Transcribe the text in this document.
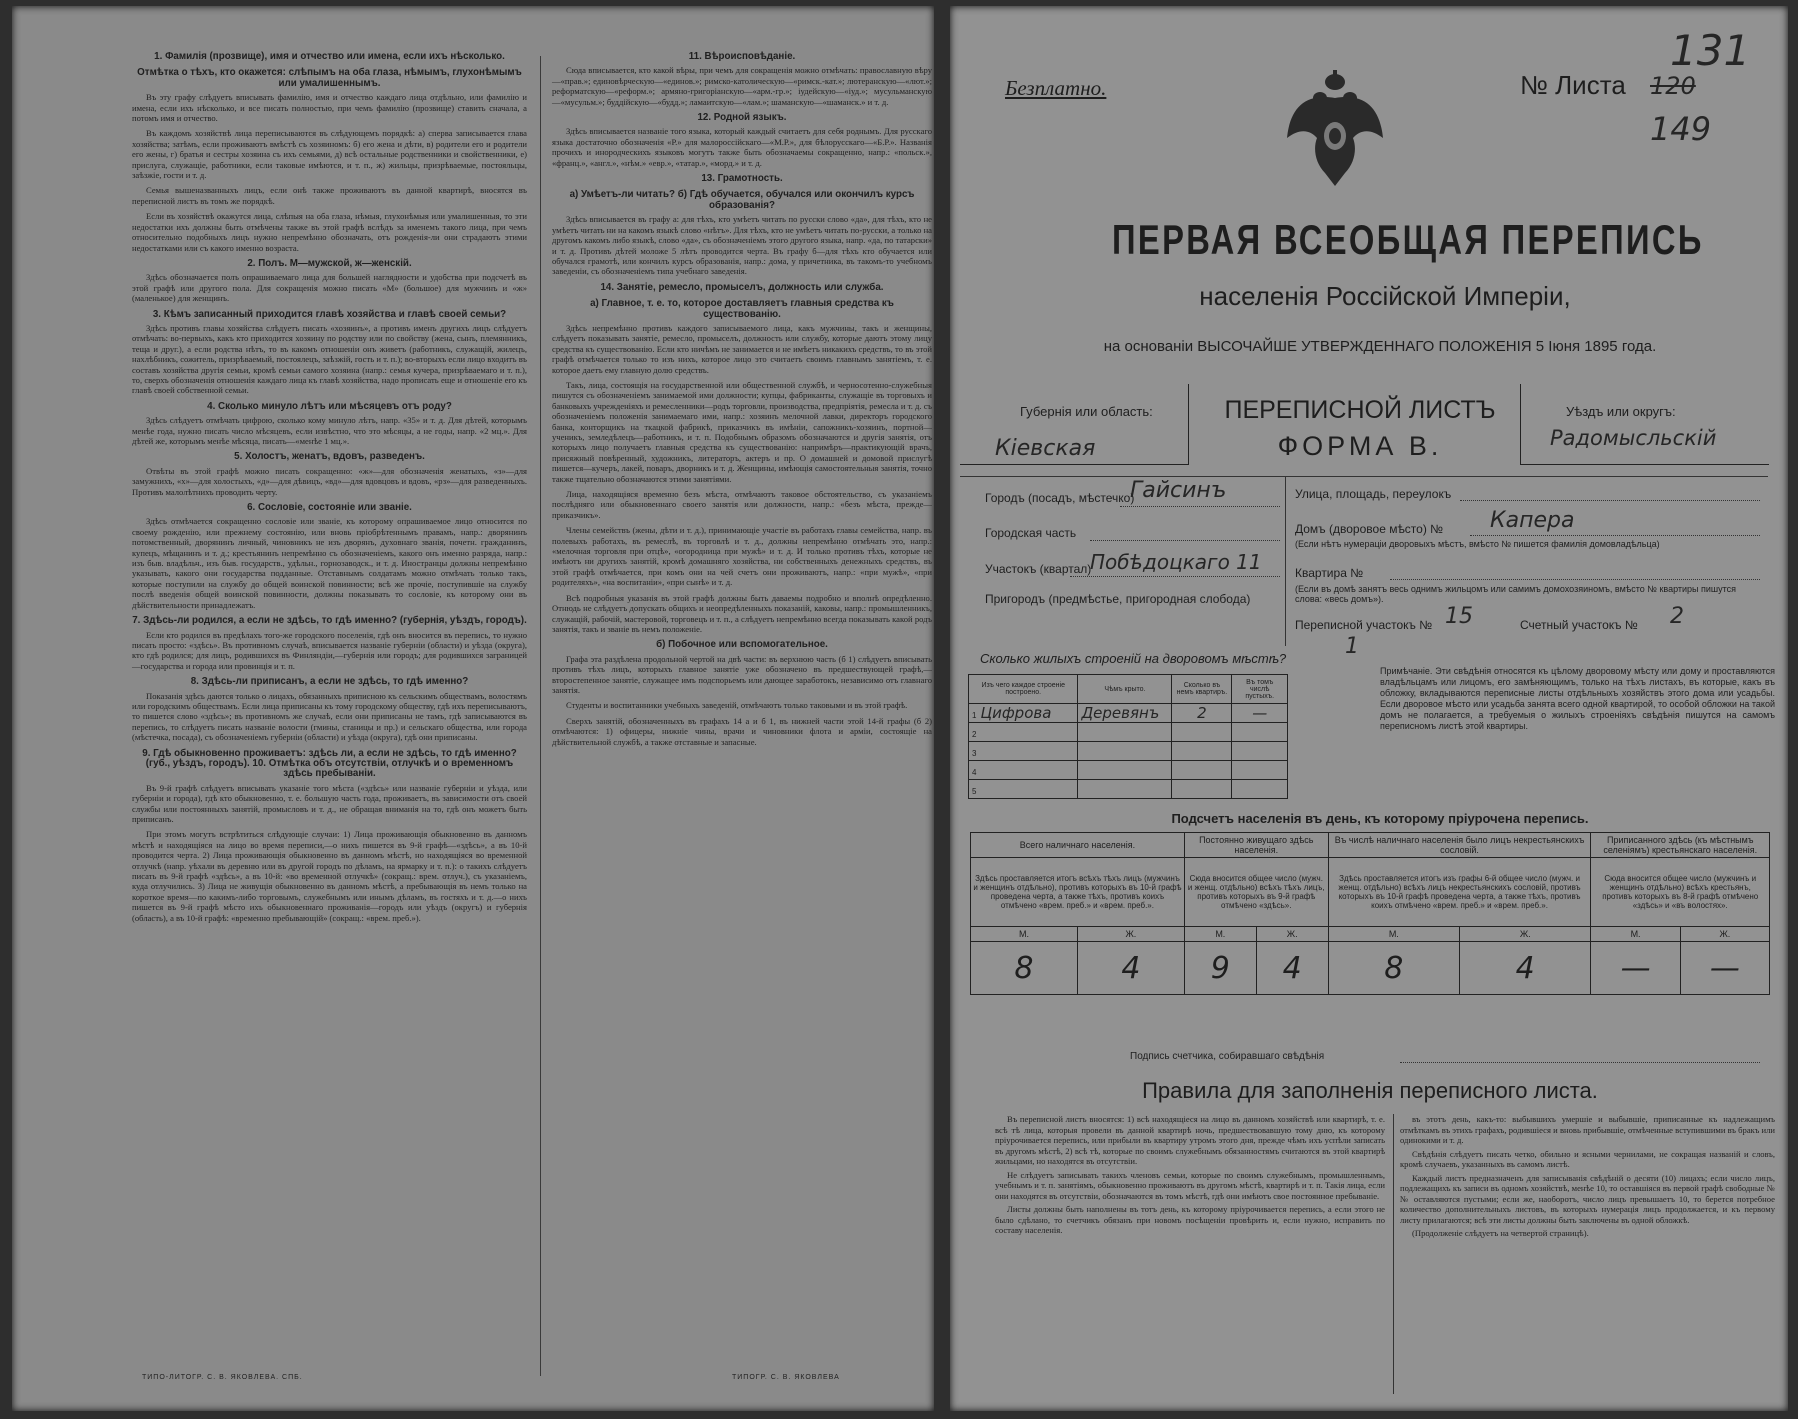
1. Фамилія (прозвище), имя и отчество или имена, если ихъ нѣсколько.
Отмѣтка о тѣхъ, кто окажется: слѣпымъ на оба глаза, нѣмымъ, глухонѣмымъ или умалишеннымъ.

Въ эту графу слѣдуетъ вписывать фамилію, имя и отчество каждаго лица отдѣльно, или фамилію и имена, если ихъ нѣсколько, и все писать полностью, при чемъ фамилію (прозвище) ставить сначала, а потомъ имя и отчество.

Въ каждомъ хозяйствѣ лица переписываются въ слѣдующемъ порядкѣ: а) сперва записывается глава хозяйства; затѣмъ, если проживаютъ вмѣстѣ съ хозяиномъ: б) его жена и дѣти, в) родители его и родители его жены, г) братья и сестры хозяина съ ихъ семьями, д) всѣ остальные родственники и свойственники, е) прислуга, служащіе, работники, если таковые имѣются, и т. п., ж) жильцы, призрѣваемые, постояльцы, заѣзжіе, гости и т. д.

Семья вышеназванныхъ лицъ, если онѣ также проживаютъ въ данной квартирѣ, вносятся въ переписной листъ въ томъ же порядкѣ.

Если въ хозяйствѣ окажутся лица, слѣпыя на оба глаза, нѣмыя, глухонѣмыя или умалишенныя, то эти недостатки ихъ должны быть отмѣчены также въ этой графѣ вслѣдъ за именемъ такого лица, при чемъ относительно подобныхъ лицъ нужно непремѣнно обозначать, отъ рожденія-ли они страдаютъ этими недостатками или съ какого именно возраста.

2. Полъ. М—мужской, ж—женскій.

Здѣсь обозначается полъ опрашиваемаго лица для большей наглядности и удобства при подсчетѣ въ этой графѣ или другого пола. Для сокращенія можно писать «М» (большое) для мужчинъ и «ж» (маленькое) для женщинъ.

3. Кѣмъ записанный приходится главѣ хозяйства и главѣ своей семьи?

Здѣсь противъ главы хозяйства слѣдуетъ писать «хозяинъ», а противъ именъ другихъ лицъ слѣдуетъ отмѣчать: во-первыхъ, какъ кто приходится хозяину по родству или по свойству (жена, сынъ, племянникъ, теща и друг.), а если родства нѣтъ, то въ какомъ отношеніи онъ живетъ (работникъ, служащій, жилецъ, нахлѣбникъ, сожитель, призрѣваемый, постоялецъ, заѣзжій, гость и т. п.); во-вторыхъ если лицо входитъ въ составъ хозяйства другія семьи, кромѣ семьи самого хозяина (напр.: семья кучера, призрѣваемаго и т. п.), то, сверхъ обозначенія отношенія каждаго лица къ главѣ хозяйства, надо прописать еще и отношеніе его къ главѣ своей собственной семьи.

4. Сколько минуло лѣтъ или мѣсяцевъ отъ роду?

Здѣсь слѣдуетъ отмѣчать цифрою, сколько кому минуло лѣтъ, напр. «35» и т. д. Для дѣтей, которымъ менѣе года, нужно писать число мѣсяцевъ, если извѣстно, что это мѣсяцы, а не годы, напр. «2 мц.». Для дѣтей же, которымъ менѣе мѣсяца, писать—«менѣе 1 мц.».

5. Холостъ, женатъ, вдовъ, разведенъ.

Отвѣты въ этой графѣ можно писать сокращенно: «ж»—для обозначенія женатыхъ, «з»—для замужнихъ, «х»—для холостыхъ, «д»—для дѣвицъ, «вд»—для вдовцовъ и вдовъ, «рз»—для разведенныхъ. Противъ малолѣтнихъ проводить черту.

6. Сословіе, состояніе или званіе.

Здѣсь отмѣчается сокращенно сословіе или званіе, къ которому опрашиваемое лицо относится по своему рожденію, или прежнему состоянію, или вновь пріобрѣтеннымъ правамъ, напр.: дворянинъ потомственный, дворянинъ личный, чиновникъ не изъ дворянъ, духовнаго званія, почетн. гражданинъ, купецъ, мѣщанинъ и т. д.; крестьянинъ непремѣнно съ обозначеніемъ, какого онъ именно разряда, напр.: изъ быв. владѣльч., изъ быв. государств., удѣльн., горнозаводск., и т. д. Иностранцы должны непремѣнно указывать, какого они государства подданные. Отставнымъ солдатамъ можно отмѣчать только такъ, которые поступили на службу до общей воинской повинности; всѣ же прочіе, поступившіе на службу послѣ введенія общей воинской повинности, должны показывать то сословіе, къ которому они въ дѣйствительности принадлежатъ.

7. Здѣсь-ли родился, а если не здѣсь, то гдѣ именно? (губернія, уѣздъ, городъ).

Если кто родился въ предѣлахъ того-же городского поселенія, гдѣ онъ вносится въ перепись, то нужно писать просто: «здѣсь». Въ противномъ случаѣ, вписывается названіе губерніи (области) и уѣзда (округа), кто гдѣ родился; для лицъ, родившихся въ Финляндіи,—губернія или городъ; для родившихся заграницей—государства и города или провинція и т. п.

8. Здѣсь-ли приписанъ, а если не здѣсь, то гдѣ именно?

Показанія здѣсь даются только о лицахъ, обязанныхъ приписною къ сельскимъ обществамъ, волостямъ или городскимъ обществамъ. Если лица приписаны къ тому городскому обществу, гдѣ ихъ переписываютъ, то пишется слово «здѣсь»; въ противномъ же случаѣ, если они приписаны не тамъ, гдѣ записываются въ перепись, то слѣдуетъ писать названіе волости (гмины, станицы и пр.) и сельскаго общества, или города (мѣстечка, посада), съ обозначеніемъ губерніи (области) и уѣзда (округа), гдѣ они приписаны.

9. Гдѣ обыкновенно проживаетъ: здѣсь ли, а если не здѣсь, то гдѣ именно? (губ., уѣздъ, городъ). 10. Отмѣтка объ отсутствіи, отлучкѣ и о временномъ здѣсь пребываніи.

Въ 9-й графѣ слѣдуетъ вписывать указаніе того мѣста («здѣсь» или названіе губерніи и уѣзда, или губерніи и города), гдѣ кто обыкновенно, т. е. большую часть года, проживаетъ, въ зависимости отъ своей службы или постоянныхъ занятій, промысловъ и т. д., не обращая вниманія на то, гдѣ онъ можетъ быть приписанъ.

При этомъ могутъ встрѣтиться слѣдующіе случаи: 1) Лица проживающія обыкновенно въ данномъ мѣстѣ и находящіяся на лицо во время переписи,—о нихъ пишется въ 9-й графѣ—«здѣсь», а въ 10-й проводится черта. 2) Лица проживающія обыкновенно въ данномъ мѣстѣ, но находящіяся во временной отлучкѣ (напр. уѣхали въ деревню или въ другой городъ по дѣламъ, на ярмарку и т. п.): о такихъ слѣдуетъ писать въ 9-й графѣ «здѣсь», а въ 10-й: «во временной отлучкѣ» (сокращ.: врем. отлуч.), съ указаніемъ, куда отлучились. 3) Лица не живущія обыкновенно въ данномъ мѣстѣ, а пребывающія въ немъ только на короткое время—по какимъ-либо торговымъ, служебнымъ или инымъ дѣламъ, въ гостяхъ и т. д.—о нихъ пишется въ 9-й графѣ мѣсто ихъ обыкновеннаго проживанія—городъ или уѣздъ (округъ) и губернія (область), а въ 10-й графѣ: «временно пребывающій» (сокращ.: «врем. преб.»).

11. Вѣроисповѣданіе.

Сюда вписывается, кто какой вѣры, при чемъ для сокращенія можно отмѣчать: православную вѣру—«прав.»; единовѣрческую—«единов.»; римско-католическую—«римск.-кат.»; лютеранскую—«лют.»; реформатскую—«реформ.»; армяно-григоріанскую—«арм.-гр.»; іудейскую—«іуд.»; мусульманскую—«мусульм.»; буддійскую—«будд.»; ламаитскую—«лам.»; шаманскую—«шаманск.» и т. д.

12. Родной языкъ.

Здѣсь вписывается названіе того языка, который каждый считаетъ для себя роднымъ. Для русскаго языка достаточно обозначенія «Р.» для малороссійскаго—«М.Р.», для бѣлорусскаго—«Б.Р.». Названія прочихъ и инородческихъ языковъ могутъ также быть обозначаемы сокращенно, напр.: «польск.», «франц.», «англ.», «нѣм.» «евр.», «татар.», «морд.» и т. д.

13. Грамотность.
а) Умѣетъ-ли читать? б) Гдѣ обучается, обучался или окончилъ курсъ образованія?

Здѣсь вписывается въ графу а: для тѣхъ, кто умѣетъ читать по русски слово «да», для тѣхъ, кто не умѣетъ читать ни на какомъ языкѣ слово «нѣтъ». Для тѣхъ, кто не умѣетъ читать по-русски, а только на другомъ какомъ либо языкѣ, слово «да», съ обозначеніемъ этого другого языка, напр. «да, по татарски» и т. д. Противъ дѣтей моложе 5 лѣтъ проводится черта. Въ графу б—для тѣхъ кто обучается или обучался грамотѣ, или кончилъ курсъ образованія, напр.: дома, у причетника, въ такомъ-то учебномъ заведеніи, съ обозначеніемъ типа учебнаго заведенія.

14. Занятіе, ремесло, промыселъ, должность или служба.
а) Главное, т. е. то, которое доставляетъ главныя средства къ существованію.

Здѣсь непремѣнно противъ каждого записываемого лица, какъ мужчины, такъ и женщины, слѣдуетъ показывать занятіе, ремесло, промыселъ, должность или службу, которые даютъ этому лицу средства къ существованію. Если кто ничѣмъ не занимается и не имѣетъ никакихъ средствъ, то въ этой графѣ отмѣчается только то изъ нихъ, которое лицо это считаетъ своимъ главнымъ занятіемъ, т. е. которое даетъ ему главную долю средствъ.

Такъ, лица, состоящія на государственной или общественной службѣ, и черносотенно-служебныя пишутся съ обозначеніемъ занимаемой ими должности; купцы, фабриканты, служащіе въ торговыхъ и банковыхъ учрежденіяхъ и ремесленники—родъ торговли, производства, предпріятія, ремесла и т. д. съ обозначеніемъ положенія занимаемаго ими, напр.: хозяинъ мелочной лавки, директоръ городского банка, конторщикъ на ткацкой фабрикѣ, приказчикъ въ имѣніи, сапожникъ-хозяинъ, портной—ученикъ, земледѣлецъ—работникъ, и т. п. Подобнымъ образомъ обозначаются и другія занятія, отъ которыхъ лицо получаетъ главныя средства къ существованію: напримѣръ—практикующій врачъ, присяжный повѣренный, художникъ, литераторъ, актеръ и пр. О домашней и домовой прислугѣ пишется—кучеръ, лакей, поваръ, дворникъ и т. д. Женщины, имѣющія самостоятельныя занятія, точно также тщательно обозначаются этими занятіями.

Лица, находящіяся временно безъ мѣста, отмѣчаютъ таковое обстоятельство, съ указаніемъ послѣдняго или обыкновеннаго своего занятія или должности, напр.: «безъ мѣста, прежде—приказчикъ».

Члены семействъ (жены, дѣти и т. д.), принимающіе участіе въ работахъ главы семейства, напр. въ полевыхъ работахъ, въ ремеслѣ, въ торговлѣ и т. д., должны непремѣнно отмѣчать это, напр.: «мелочная торговля при отцѣ», «огородница при мужѣ» и т. д. И только противъ тѣхъ, которые не имѣютъ ни другихъ занятій, кромѣ домашняго хозяйства, ни собственныхъ денежныхъ средствъ, въ этой графѣ отмѣчается, при комъ они на чей счетъ они проживаютъ, напр.: «при мужѣ», «при родителяхъ», «на воспитаніи», «при сынѣ» и т. д.

Всѣ подробныя указанія въ этой графѣ должны быть даваемы подробно и вполнѣ опредѣленно. Отнюдь не слѣдуетъ допускать общихъ и неопредѣленныхъ показаній, каковы, напр.: промышленникъ, служащій, рабочій, мастеровой, торговецъ и т. п., а слѣдуетъ непремѣнно всегда показывать какой родъ занятія, такъ и званіе въ немъ положеніе.

б) Побочное или вспомогательное.

Графа эта раздѣлена продольной чертой на двѣ части: въ верхнюю часть (б 1) слѣдуетъ вписывать противъ тѣхъ лицъ, которыхъ главное занятіе уже обозначено въ предшествующей графѣ,—второстепенное занятіе, служащее имъ подспорьемъ или дающее заработокъ, независимо отъ главнаго занятія.

Студенты и воспитанники учебныхъ заведеній, отмѣчаютъ только таковыми и въ этой графѣ.

Сверхъ занятій, обозначенныхъ въ графахъ 14 а и б 1, въ нижней части этой 14-й графы (б 2) отмѣчаются: 1) офицеры, нижніе чины, врачи и чиновники флота и арміи, состоящіе на дѣйствительной службѣ, а также отставные и запасные.

ТИПО-ЛИТОГР. С. В. ЯКОВЛЕВА. СПБ.	ТИПОГР. С. В. ЯКОВЛЕВА
Безплатно.	№ Листа 120
149
131
ПЕРВАЯ ВСЕОБЩАЯ ПЕРЕПИСЬ
населенія Россійской Имперіи,
на основаніи ВЫСОЧАЙШЕ УТВЕРЖДЕННАГО ПОЛОЖЕНІЯ 5 Іюня 1895 года.
Губернія или область:
Кіевская
ПЕРЕПИСНОЙ ЛИСТЪ
ФОРМА В.
Уѣздъ или округъ:
Радомысльскій
Городъ (посадъ, мѣстечко)
Гайсинъ
Городская часть
Участокъ (квартал)
Побѣдоцкаго 11
Пригородъ (предмѣстье, пригородная слобода)
Улица, площадь, переулокъ
Домъ (дворовое мѣсто) № Капера
(Если нѣтъ нумераціи дворовыхъ мѣстъ, вмѣсто № пишется фамилія домовладѣльца)
Квартира №
(Если въ домѣ занятъ весь однимъ жильцомъ или самимъ домохозяиномъ, вмѣсто № квартиры пишутся слова: «весь домъ»).
Переписной участокъ № 15	Счетный участокъ № 2
Сколько жилыхъ строеній на дворовомъ мѣстѣ?	1
Изъ чего каждое строеніе построено.	Чѣмъ крыто.	Сколько въ немъ квартиръ.	Въ томъ числѣ пустыхъ.
1 Цифрова	Деревянъ	2	—
2			
3			
4			
5			
Примѣчаніе. Эти свѣдѣнія относятся къ цѣлому дворовому мѣсту или дому и проставляются владѣльцамъ или лицомъ, его замѣняющимъ, только на тѣхъ листахъ, въ которые, какъ въ обложку, вкладываются переписные листы отдѣльныхъ хозяйствъ этого дома или усадьбы. Если дворовое мѣсто или усадьба занятa всего одной квартирой, то особой обложки на такой домъ не полагается, а требуемыя о жилыхъ строеніяхъ свѣдѣнія пишутся на самомъ переписномъ листѣ этой квартиры.
Подсчетъ населенія въ день, къ которому пріурочена перепись.
Всего наличнаго населенія.		Постоянно живущаго здѣсь населенія.		Въ числѣ наличнаго населенія было лицъ некрестьянскихъ сословій.		Приписанного здѣсь (къ мѣстнымъ селеніямъ) крестьянскаго населенія.	
Здѣсь проставляется итогъ всѣхъ тѣхъ лицъ (мужчинъ и женщинъ отдѣльно), противъ которыхъ въ 10-й графѣ проведена черта, а также тѣхъ, противъ коихъ отмѣчено «врем. преб.» и «врем. преб.».		Сюда вносится общее число (мужч. и женщ. отдѣльно) всѣхъ тѣхъ лицъ, противъ которыхъ въ 9-й графѣ отмѣчено «здѣсь».		Здѣсь проставляется итогъ изъ графы 6-й общее число (мужч. и женщ. отдѣльно) всѣхъ лицъ некрестьянскихъ сословій, противъ которыхъ въ 10-й графѣ проведена черта, а также тѣхъ, противъ коихъ отмѣчено «врем. преб.» и «врем. преб.».		Сюда вносится общее число (мужчинъ и женщинъ отдѣльно) всѣхъ крестьянъ, противъ которыхъ въ 8-й графѣ отмѣчено «здѣсь» и «въ волостях».	
М.	Ж.	М.	Ж.	М.	Ж.	М.	Ж.
8	4	9	4	8	4	—	—
Подпись счетчика, собиравшаго свѣдѣнія
Правила для заполненія переписного листа.

Въ переписной листъ вносятся: 1) всѣ находящіеся на лицо въ данномъ хозяйствѣ или квартирѣ, т. е. всѣ тѣ лица, которыя провели въ данной квартирѣ ночь, предшествовавшую тому дню, къ которому пріурочивается перепись, или прибыли въ квартиру утромъ этого дня, прежде чѣмъ ихъ успѣли записать въ другомъ мѣстѣ, 2) всѣ тѣ, которые по своимъ служебнымъ обязанностямъ считаются въ этой квартирѣ жильцами, но находятся въ отсутствіи.

Не слѣдуетъ записывать такихъ членовъ семьи, которые по своимъ служебнымъ, промышленнымъ, учебнымъ и т. п. занятіямъ, обыкновенно проживаютъ въ другомъ мѣстѣ, квартирѣ и т. п. Такія лица, если они находятся въ отсутствіи, обозначаются въ томъ мѣстѣ, гдѣ они имѣютъ свое постоянное пребываніе.

Листы должны быть наполнены въ тотъ день, къ которому пріурочивается перепись, а если этого не было сдѣлано, то счетчикъ обязанъ при новомъ посѣщеніи провѣрить и, если нужно, исправить по составу населенія.

въ этотъ день, какъ-то: выбывшихъ умершіе и выбывшіе, приписанные къ надлежащимъ отмѣткамъ въ этихъ графахъ, родившіеся и вновь прибывшіе, отмѣченные вступившими въ бракъ или одинокими и т. д.

Свѣдѣнія слѣдуетъ писать четко, обильно и ясными чернилами, не сокращая названій и словъ, кромѣ случаевъ, указанныхъ въ самомъ листѣ.

Каждый листъ предназначенъ для записыванія свѣдѣній о десяти (10) лицахъ; если число лицъ, подлежащихъ къ записи въ одномъ хозяйствѣ, менѣе 10, то оставшіяся въ первой графѣ свободные №№ оставляются пустыми; если же, наоборотъ, число лицъ превышаетъ 10, то берется потребное количество дополнительныхъ листовъ, въ которыхъ нумерація лицъ продолжается, и къ первому листу прилагаются; всѣ эти листы должны быть заключены въ одной обложкѣ.

(Продолженіе слѣдуетъ на четвертой страницѣ).
